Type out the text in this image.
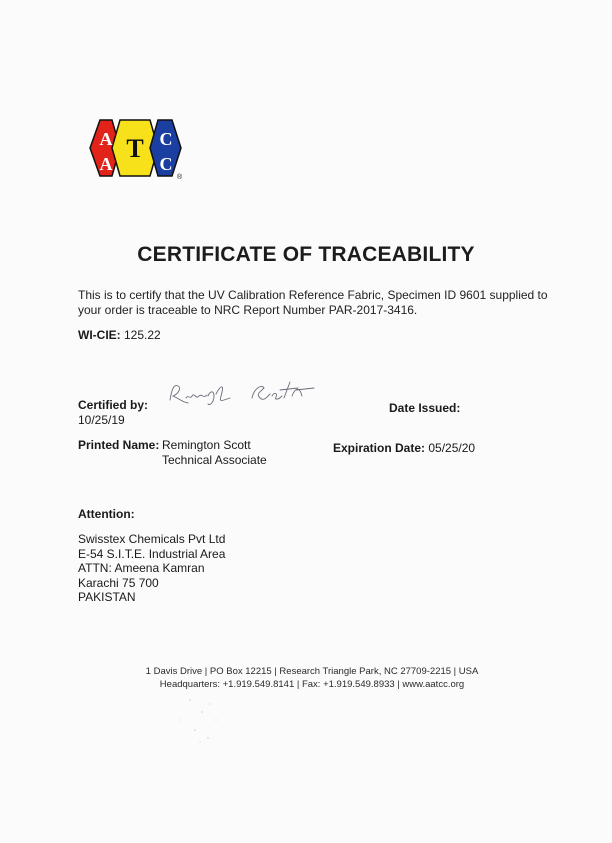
A
A
T C
C
®
CERTIFICATE OF TRACEABILITY
This is to certify that the UV Calibration Reference Fabric, Specimen ID 9601 supplied to
your order is traceable to NRC Report Number PAR-2017-3416.
WI-CIE: 125.22
Certified by:
10/25/19
Date Issued:
Printed Name: Remington Scott
Technical Associate
Expiration Date: 05/25/20
Attention:
Swisstex Chemicals Pvt Ltd
E-54 S.I.T.E. Industrial Area
ATTN: Ameena Kamran
Karachi 75 700
PAKISTAN
1 Davis Drive | PO Box 12215 | Research Triangle Park, NC 27709-2215 | USA
Headquarters: +1.919.549.8141 | Fax: +1.919.549.8933 | www.aatcc.org
